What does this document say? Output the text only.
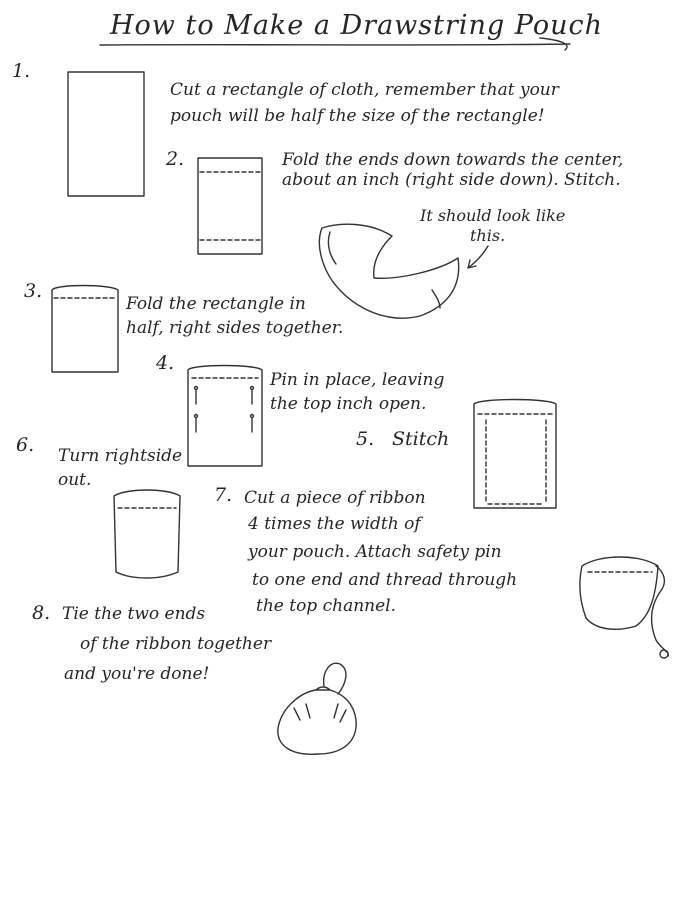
How to Make a Drawstring Pouch
1.
Cut a rectangle of cloth, remember that your
pouch will be half the size of the rectangle!
2.	Fold the ends down towards the center,
about an inch (right side down). Stitch.
It should look like
this.
3.
Fold the rectangle in
half, right sides together.
4.
Pin in place, leaving
the top inch open.
5. Stitch
6. Turn rightside
out.
7. Cut a piece of ribbon
4 times the width of
your pouch. Attach safety pin
to one end and thread through
the top channel.
8. Tie the two ends
of the ribbon together
and you're done!
